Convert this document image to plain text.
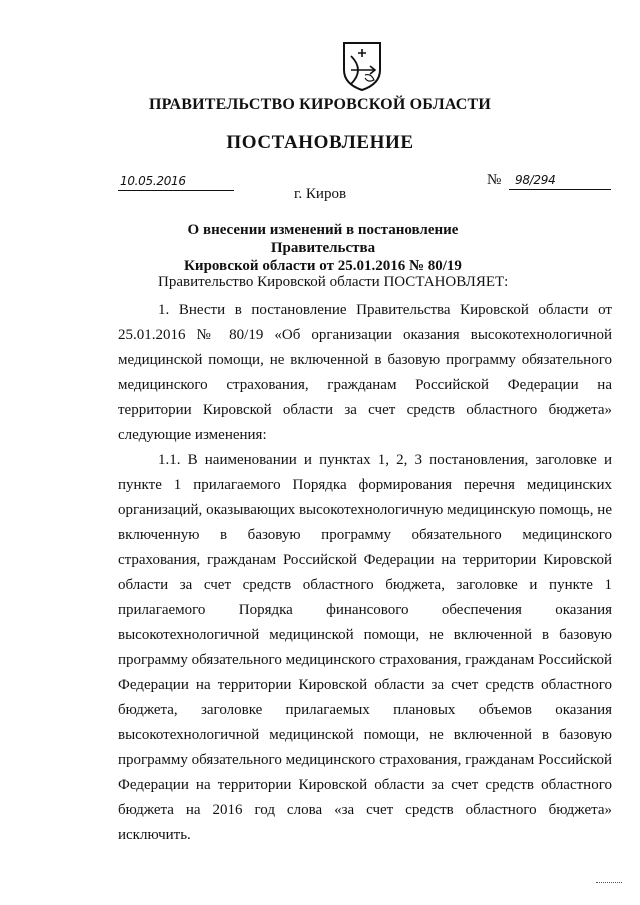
ПРАВИТЕЛЬСТВО КИРОВСКОЙ ОБЛАСТИ
ПОСТАНОВЛЕНИЕ
10.05.2016	№ 98/294
г. Киров
О внесении изменений в постановление Правительства
Кировской области от 25.01.2016 № 80/19

Правительство Кировской области ПОСТАНОВЛЯЕТ:

1. Внести в постановление Правительства Кировской области от 25.01.2016 № 80/19 «Об организации оказания высокотехнологичной медицинской помощи, не включенной в базовую программу обязательного медицинского страхования, гражданам Российской Федерации на территории Кировской области за счет средств областного бюджета» следующие изменения:

1.1. В наименовании и пунктах 1, 2, 3 постановления, заголовке и пункте 1 прилагаемого Порядка формирования перечня медицинских организаций, оказывающих высокотехнологичную медицинскую помощь, не включенную в базовую программу обязательного медицинского страхования, гражданам Российской Федерации на территории Кировской области за счет средств областного бюджета, заголовке и пункте 1 прилагаемого Порядка финансового обеспечения оказания высокотехнологичной медицинской помощи, не включенной в базовую программу обязательного медицинского страхования, гражданам Российской Федерации на территории Кировской области за счет средств областного бюджета, заголовке прилагаемых плановых объемов оказания высокотехнологичной медицинской помощи, не включенной в базовую программу обязательного медицинского страхования, гражданам Российской Федерации на территории Кировской области за счет средств областного бюджета на 2016 год слова «за счет средств областного бюджета» исключить.
